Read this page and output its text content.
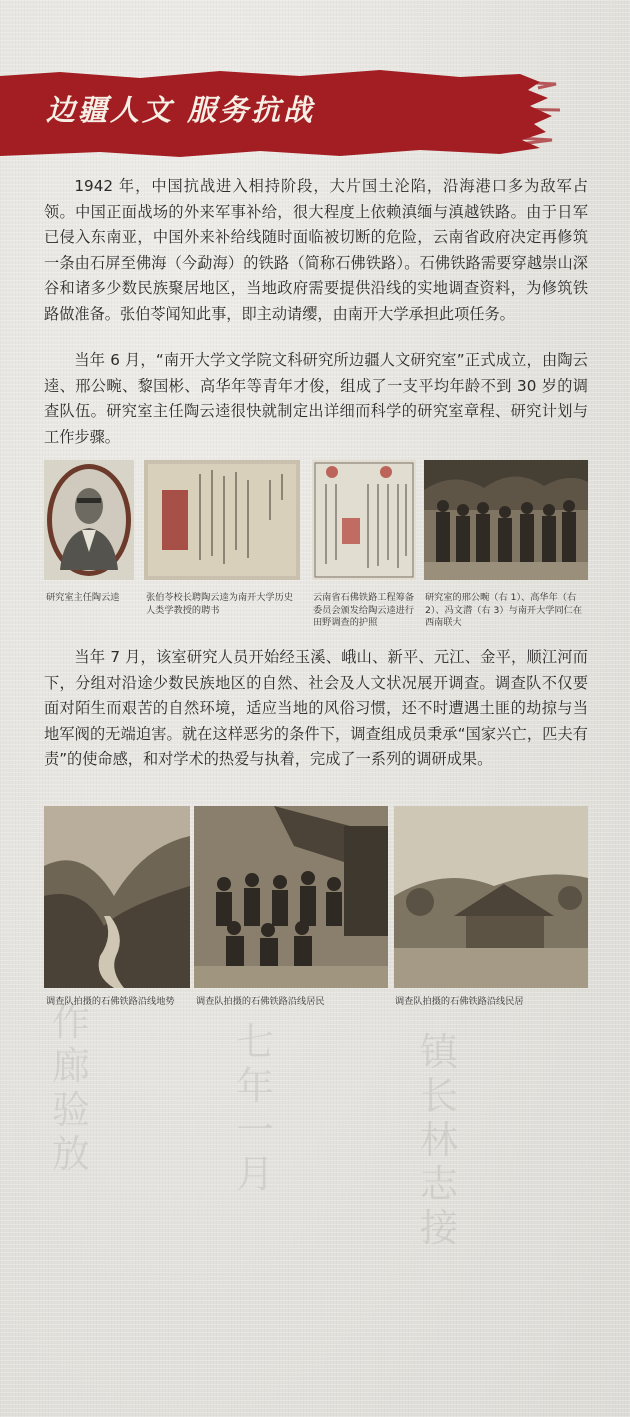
作廊验放
七年一月
镇长林志接
边疆人文 服务抗战

1942 年，中国抗战进入相持阶段，大片国土沦陷，沿海港口多为敌军占领。中国正面战场的外来军事补给，很大程度上依赖滇缅与滇越铁路。由于日军已侵入东南亚，中国外来补给线随时面临被切断的危险，云南省政府决定再修筑一条由石屏至佛海（今勐海）的铁路（简称石佛铁路）。石佛铁路需要穿越崇山深谷和诸多少数民族聚居地区，当地政府需要提供沿线的实地调查资料，为修筑铁路做准备。张伯苓闻知此事，即主动请缨，由南开大学承担此项任务。

当年 6 月，“南开大学文学院文科研究所边疆人文研究室”正式成立，由陶云逵、邢公畹、黎国彬、高华年等青年才俊，组成了一支平均年龄不到 30 岁的调查队伍。研究室主任陶云逵很快就制定出详细而科学的研究室章程、研究计划与工作步骤。

研究室主任陶云逵	张伯苓校长聘陶云逵为南开大学历史人类学教授的聘书
云南省石佛铁路工程筹备委员会颁发给陶云逵进行田野调查的护照
研究室的邢公畹（右 1）、高华年（右 2）、冯文潜（右 3）与南开大学同仁在西南联大

当年 7 月，该室研究人员开始经玉溪、峨山、新平、元江、金平，顺江河而下，分组对沿途少数民族地区的自然、社会及人文状况展开调查。调查队不仅要面对陌生而艰苦的自然环境，适应当地的风俗习惯，还不时遭遇土匪的劫掠与当地军阀的无端迫害。就在这样恶劣的条件下，调查组成员秉承“国家兴亡，匹夫有责”的使命感，和对学术的热爱与执着，完成了一系列的调研成果。

调查队拍摄的石佛铁路沿线地势	调查队拍摄的石佛铁路沿线居民	调查队拍摄的石佛铁路沿线民居
